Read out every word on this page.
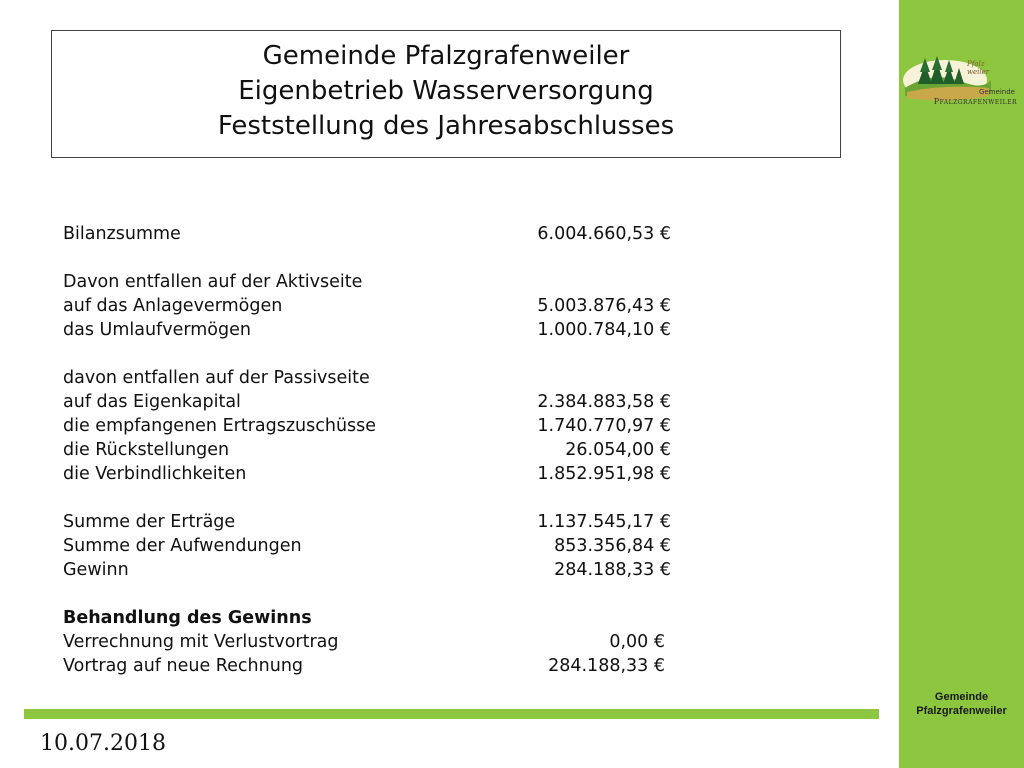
Gemeinde Pfalzgrafenweiler
Eigenbetrieb Wasserversorgung
Feststellung des Jahresabschlusses
Bilanzsumme	6.004.660,53 €
Davon entfallen auf der Aktivseite
auf das Anlagevermögen	5.003.876,43 €
das Umlaufvermögen	1.000.784,10 €
davon entfallen auf der Passivseite
auf das Eigenkapital	2.384.883,58 €
die empfangenen Ertragszuschüsse	1.740.770,97 €
die Rückstellungen	26.054,00 €
die Verbindlichkeiten	1.852.951,98 €
Summe der Erträge	1.137.545,17 €
Summe der Aufwendungen	853.356,84 €
Gewinn	284.188,33 €
Behandlung des Gewinns
Verrechnung mit Verlustvortrag	0,00 €
Vortrag auf neue Rechnung	284.188,33 €
10.07.2018
Pfalz
weiler
Gemeinde
Pfalzgrafenweiler
Gemeinde
Pfalzgrafenweiler
